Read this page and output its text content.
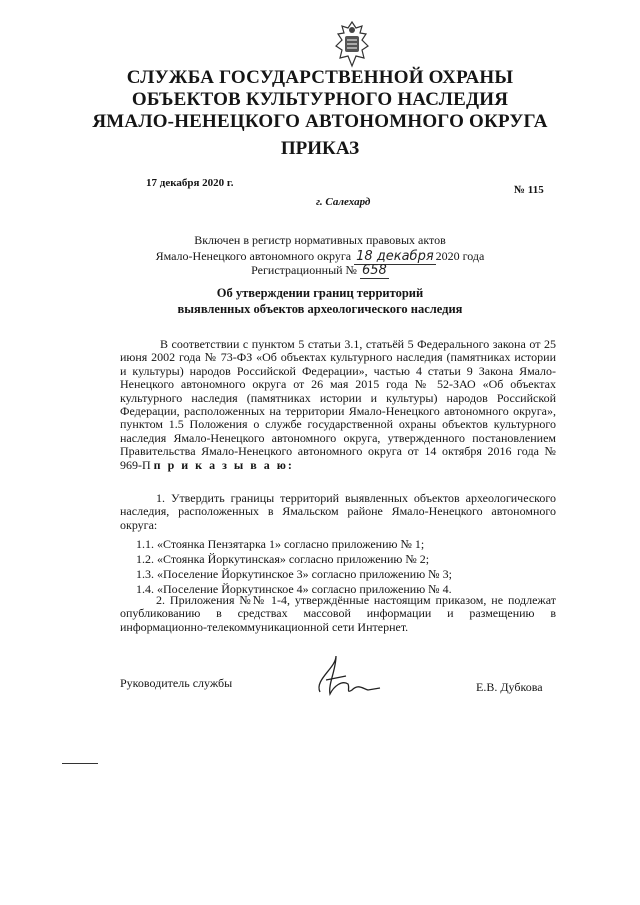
СЛУЖБА ГОСУДАРСТВЕННОЙ ОХРАНЫ
ОБЪЕКТОВ КУЛЬТУРНОГО НАСЛЕДИЯ
ЯМАЛО-НЕНЕЦКОГО АВТОНОМНОГО ОКРУГА
ПРИКАЗ
17 декабря 2020 г.
г. Салехард
№ 115
Включен в регистр нормативных правовых актов
Ямало-Ненецкого автономного округа 18 декабря 2020 года
Регистрационный № 658
Об утверждении границ территорий
выявленных объектов археологического наследия
В соответствии с пунктом 5 статьи 3.1, статьёй 5 Федерального закона от 25 июня 2002 года № 73-ФЗ «Об объектах культурного наследия (памятниках истории и культуры) народов Российской Федерации», частью 4 статьи 9 Закона Ямало-Ненецкого автономного округа от 26 мая 2015 года № 52-ЗАО «Об объектах культурного наследия (памятниках истории и культуры) народов Российской Федерации, расположенных на территории Ямало-Ненецкого автономного округа», пунктом 1.5 Положения о службе государственной охраны объектов культурного наследия Ямало-Ненецкого автономного округа, утвержденного постановлением Правительства Ямало-Ненецкого автономного округа от 14 октября 2016 года № 969-П п р и к а з ы в а ю:
1. Утвердить границы территорий выявленных объектов археологического наследия, расположенных в Ямальском районе Ямало-Ненецкого автономного округа:
1.1. «Стоянка Пензятарка 1» согласно приложению № 1;
1.2. «Стоянка Йоркутинская» согласно приложению № 2;
1.3. «Поселение Йоркутинское 3» согласно приложению № 3;
1.4. «Поселение Йоркутинское 4» согласно приложению № 4.
2. Приложения №№ 1-4, утверждённые настоящим приказом, не подлежат опубликованию в средствах массовой информации и размещению в информационно-телекоммуникационной сети Интернет.
Руководитель службы	Е.В. Дубкова
